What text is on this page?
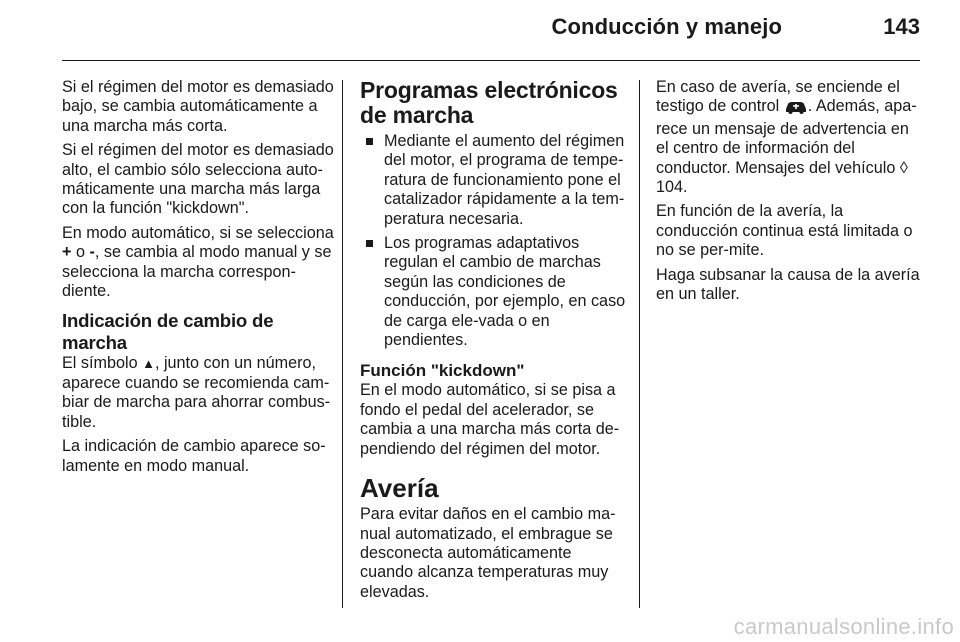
Conducción y manejo	143

Si el régimen del motor es demasiado bajo, se cambia automáticamente a una marcha más corta.

Si el régimen del motor es demasiado alto, el cambio sólo selecciona auto-máticamente una marcha más larga con la función "kickdown".

En modo automático, si se selecciona + o -, se cambia al modo manual y se selecciona la marcha correspon-diente.

Indicación de cambio de marcha

El símbolo ▲, junto con un número, aparece cuando se recomienda cam-biar de marcha para ahorrar combus-tible.

La indicación de cambio aparece so-lamente en modo manual.

Programas electrónicos de marcha
Mediante el aumento del régimen del motor, el programa de tempe-ratura de funcionamiento pone el catalizador rápidamente a la tem-peratura necesaria.
Los programas adaptativos regulan el cambio de marchas según las condiciones de conducción, por ejemplo, en caso de carga ele-vada o en pendientes.
Función "kickdown"

En el modo automático, si se pisa a fondo el pedal del acelerador, se cambia a una marcha más corta de-pendiendo del régimen del motor.

Avería

Para evitar daños en el cambio ma-nual automatizado, el embrague se desconecta automáticamente cuando alcanza temperaturas muy elevadas.

En caso de avería, se enciende el testigo de control . Además, apa-rece un mensaje de advertencia en el centro de información del conductor. Mensajes del vehículo ◊ 104.

En función de la avería, la conducción continua está limitada o no se per-mite.

Haga subsanar la causa de la avería en un taller.

carmanualsonline.info
